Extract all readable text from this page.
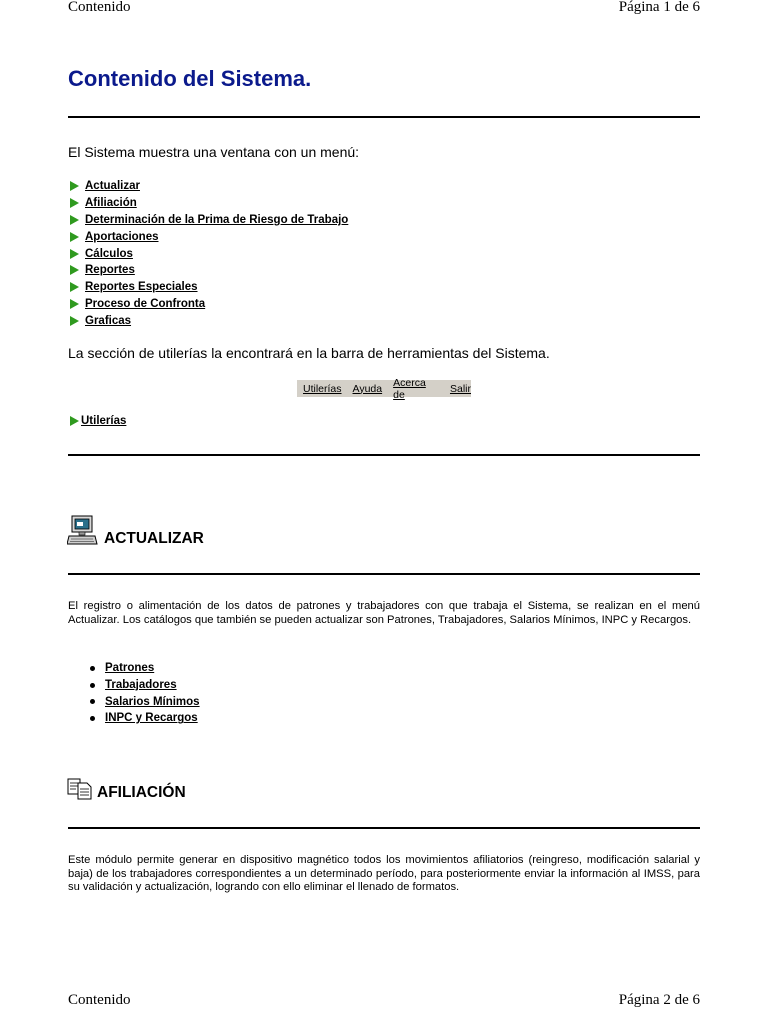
Contenido	Página 1 de 6
Contenido del Sistema.
El Sistema muestra una ventana con un menú:
Actualizar
Afiliación
Determinación de la Prima de Riesgo de Trabajo
Aportaciones
Cálculos
Reportes
Reportes Especiales
Proceso de Confronta
Graficas
La sección de utilerías la encontrará en la barra de herramientas del Sistema.
Utilerías Ayuda Acerca de	Salir
Utilerías
ACTUALIZAR
El registro o alimentación de los datos de patrones y trabajadores con que trabaja el Sistema, se realizan en el menú Actualizar. Los catálogos que también se pueden actualizar son Patrones, Trabajadores, Salarios Mínimos, INPC y Recargos.
Patrones
Trabajadores
Salarios Mínimos
INPC y Recargos
AFILIACIÓN
Este módulo permite generar en dispositivo magnético todos los movimientos afiliatorios (reingreso, modificación salarial y baja) de los trabajadores correspondientes a un determinado período, para posteriormente enviar la información al IMSS, para su validación y actualización, logrando con ello eliminar el llenado de formatos.
Contenido	Página 2 de 6
